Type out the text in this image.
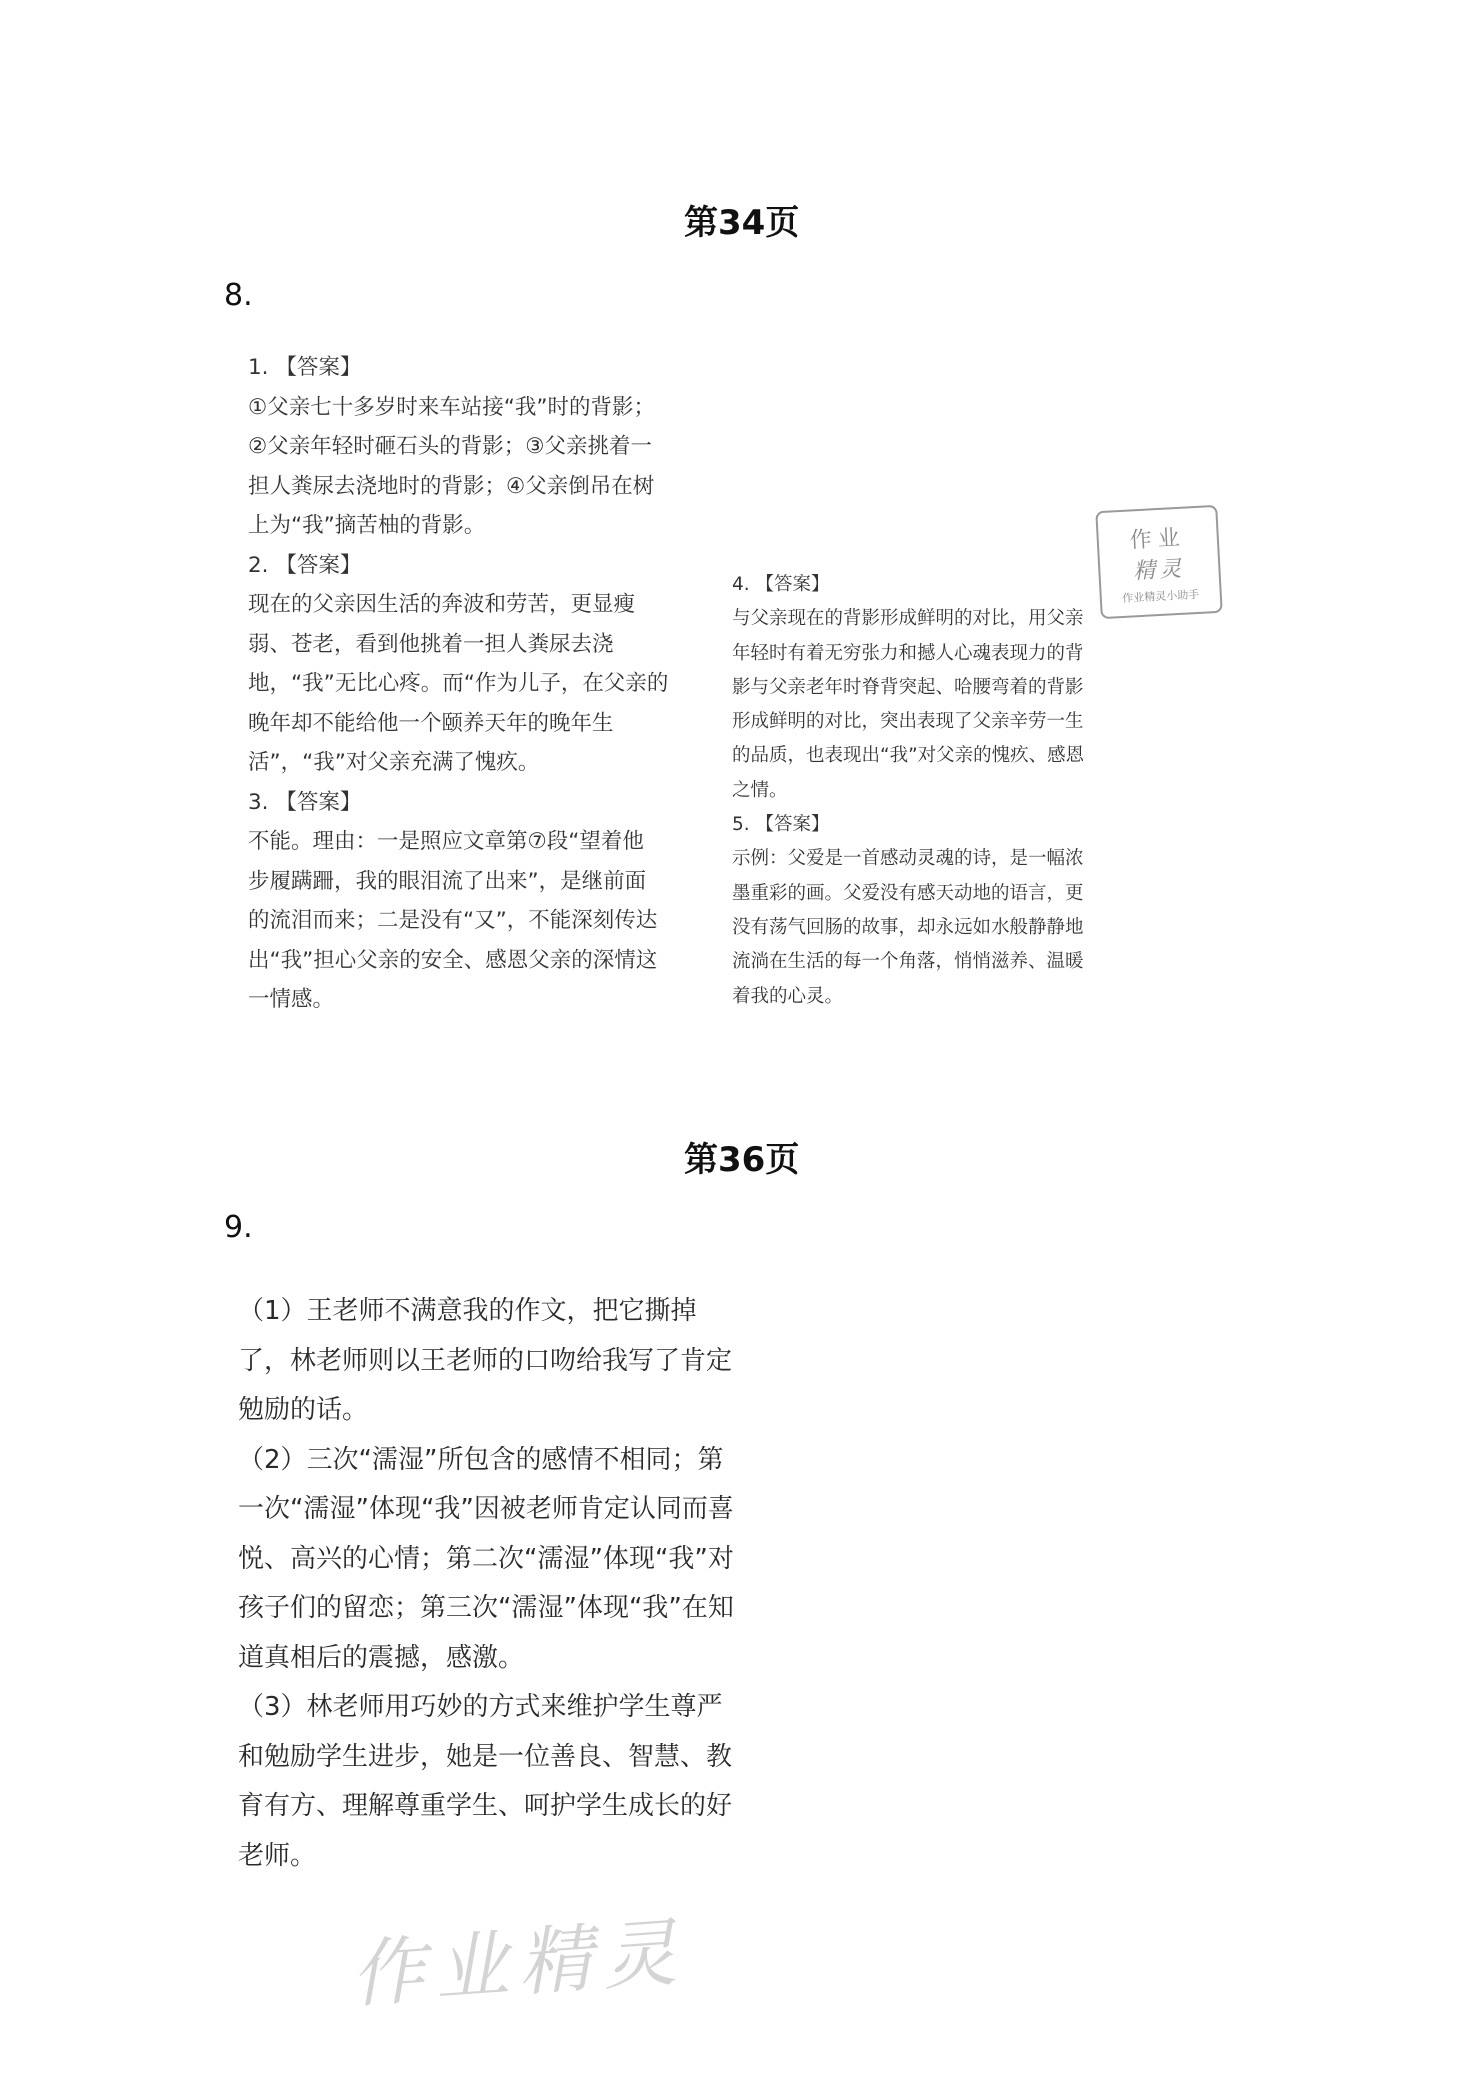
第34页
8.
1. 【答案】
①父亲七十多岁时来车站接“我”时的背影；
②父亲年轻时砸石头的背影；③父亲挑着一
担人粪尿去浇地时的背影；④父亲倒吊在树
上为“我”摘苦柚的背影。
2. 【答案】
现在的父亲因生活的奔波和劳苦，更显瘦
弱、苍老，看到他挑着一担人粪尿去浇
地，“我”无比心疼。而“作为儿子，在父亲的
晚年却不能给他一个颐养天年的晚年生
活”，“我”对父亲充满了愧疚。
3. 【答案】
不能。理由：一是照应文章第⑦段“望着他
步履蹒跚，我的眼泪流了出来”，是继前面
的流泪而来；二是没有“又”，不能深刻传达
出“我”担心父亲的安全、感恩父亲的深情这
一情感。
4. 【答案】
与父亲现在的背影形成鲜明的对比，用父亲
年轻时有着无穷张力和撼人心魂表现力的背
影与父亲老年时脊背突起、哈腰弯着的背影
形成鲜明的对比，突出表现了父亲辛劳一生
的品质，也表现出“我”对父亲的愧疚、感恩
之情。
5. 【答案】
示例：父爱是一首感动灵魂的诗，是一幅浓
墨重彩的画。父爱没有感天动地的语言，更
没有荡气回肠的故事，却永远如水般静静地
流淌在生活的每一个角落，悄悄滋养、温暖
着我的心灵。
作业
精灵
作业精灵小助手
第36页
9.
（1）王老师不满意我的作文，把它撕掉
了，林老师则以王老师的口吻给我写了肯定
勉励的话。
（2）三次“濡湿”所包含的感情不相同；第
一次“濡湿”体现“我”因被老师肯定认同而喜
悦、高兴的心情；第二次“濡湿”体现“我”对
孩子们的留恋；第三次“濡湿”体现“我”在知
道真相后的震撼，感激。
（3）林老师用巧妙的方式来维护学生尊严
和勉励学生进步，她是一位善良、智慧、教
育有方、理解尊重学生、呵护学生成长的好
老师。
作业精灵
